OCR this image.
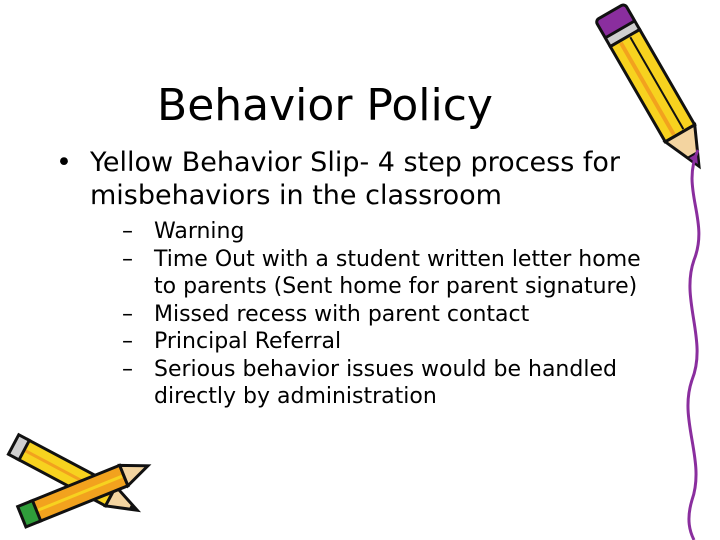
Behavior Policy
• Yellow Behavior Slip- 4 step process for misbehaviors in the classroom
– Warning
– Time Out with a student written letter home to parents (Sent home for parent signature)
– Missed recess with parent contact
– Principal Referral
– Serious behavior issues would be handled directly by administration
